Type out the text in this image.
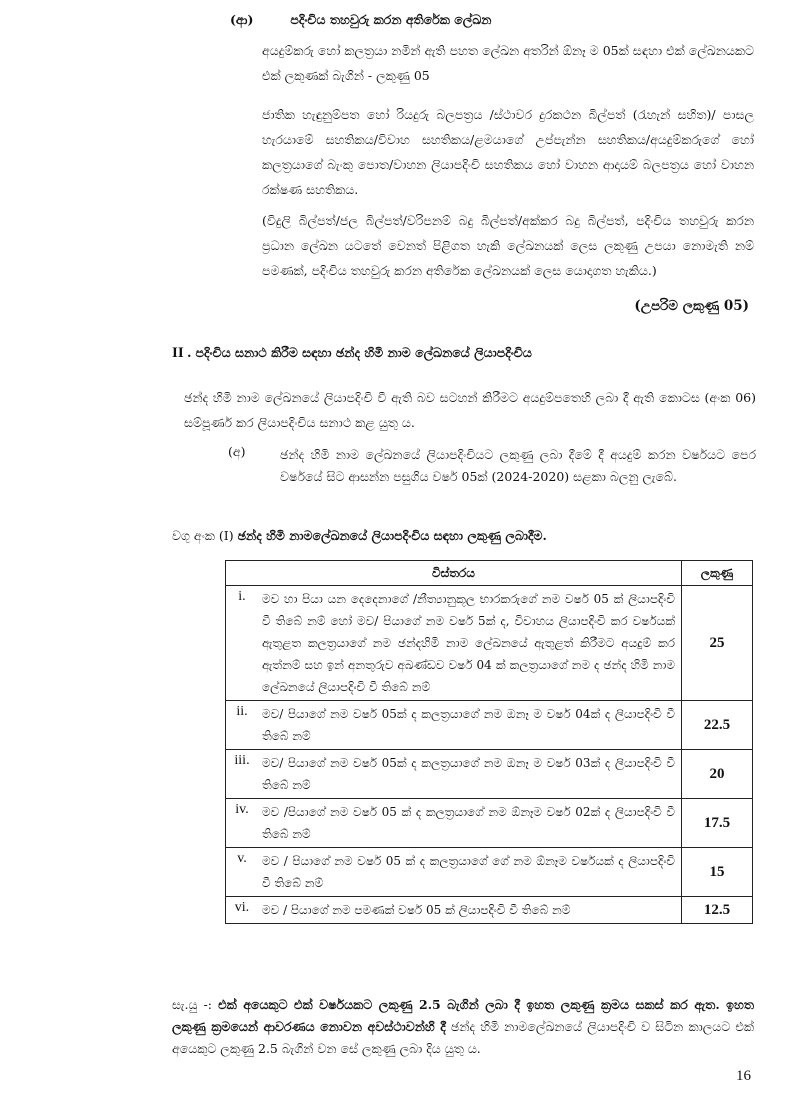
(ආ)	පදිංචිය තහවුරු කරන අතිරේක ලේඛන
අයදුම්කරු හෝ කලත්‍රයා නමින් ඇති පහත ලේඛන අතරින් ඕනෑ ම 05ක් සඳහා එක් ලේඛනයකට එක් ලකුණක් බැගින් - ලකුණු 05
ජාතික හැඳුනුම්පත හෝ රියදුරු බලපත්‍රය /ස්ථාවර දුරකථන බිල්පත් (රැහැන් සහිත)/ පාසල හැරයාමේ සහතිකය/විවාහ සහතිකය/ළමයාගේ උප්පැන්න සහතිකය/අයදුම්කරුගේ හෝ කලත්‍රයාගේ බැංකු පොත/වාහන ලියාපදිංචි සහතිකය හෝ වාහන ආදායම් බලපත්‍රය හෝ වාහන රක්ෂණ සහතිකය.
(විදුලි බිල්පත්/ජල බිල්පත්/වරිපනම් බදු බිල්පත්/අක්කර බදු බිල්පත්, පදිංචිය තහවුරු කරන ප්‍රධාන ලේඛන යටතේ වෙනත් පිළිගත හැකි ලේඛනයක් ලෙස ලකුණු උපයා නොමැති නම් පමණක්, පදිංචිය තහවුරු කරන අතිරේක ලේඛනයක් ලෙස යොදාගත හැකිය.)
(උපරිම ලකුණු 05)
II . පදිංචිය සනාථ කිරීම සඳහා ඡන්ද හිමි නාම ලේඛනයේ ලියාපදිංචිය
ඡන්ද හිමි නාම ලේඛනයේ ලියාපදිංචි වී ඇති බව සටහන් කිරීමට අයදුම්පතෙහි ලබා දී ඇති කොටස (අංක 06) සම්පූර්ණ කර ලියාපදිංචිය සනාථ කළ යුතු ය.
(අ)	ඡන්ද හිමි නාම ලේඛනයේ ලියාපදිංචියට ලකුණු ලබා දීමේ දී අයදුම් කරන වර්ෂයට පෙර වර්ෂයේ සිට ආසන්න පසුගිය වර්ෂ 05ක් (2024-2020) සළකා බලනු ලැබේ.
වගු අංක (I) ඡන්ද හිමි නාමලේඛනයේ ලියාපදිංචිය සඳහා ලකුණු ලබාදීම.
විස්තරය		ලකුණු
i.	මව හා පියා යන දෙදෙනාගේ /නීත්‍යානුකූල භාරකරුගේ නම වර්ෂ 05 ක් ලියාපදිංචි වී තිබේ නම් හෝ මව/ පියාගේ නම වර්ෂ 5ක් ද, විවාහය ලියාපදිංචි කර වර්ෂයක් ඇතුළත කලත්‍රයාගේ නම ඡන්දහිමි නාම ලේඛනයේ ඇතුළත් කිරීමට අයදුම් කර ඇත්නම් සහ ඉන් අනතුරුව අඛණ්ඩව වර්ෂ 04 ක් කලත්‍රයාගේ නම ද ඡන්ද හිමි නාම ලේඛනයේ ලියාපදිංචි වී තිබේ නම්	25
ii.	මව/ පියාගේ නම වර්ෂ 05ක් ද කලත්‍රයාගේ නම ඔනෑ ම වර්ෂ 04ක් ද ලියාපදිංචි වී තිබේ නම්	22.5
iii.	මව/ පියාගේ නම වර්ෂ 05ක් ද කලත්‍රයාගේ නම ඔනෑ ම වර්ෂ 03ක් ද ලියාපදිංචි වී තිබේ නම්	20
iv.	මව /පියාගේ නම වර්ෂ 05 ක් ද කලත්‍රයාගේ නම ඕනෑම වර්ෂ 02ක් ද ලියාපදිංචි වී තිබේ නම්	17.5
v.	මව / පියාගේ නම වර්ෂ 05 ක් ද කලත්‍රයාගේ ගේ නම ඕනෑම වර්ෂයක් ද ලියාපදිංචි වී තිබේ නම්	15
vi.	මව / පියාගේ නම පමණක් වර්ෂ 05 ක් ලියාපදිංචි වී තිබේ නම්	12.5
සැ.යු -: එක් අයෙකුට එක් වර්ෂයකට ලකුණු 2.5 බැගින් ලබා දී ඉහත ලකුණු ක්‍රමය සකස් කර ඇත. ඉහත ලකුණු ක්‍රමයෙන් ආවරණය නොවන අවස්ථාවන්හි දී ඡන්ද හිමි නාමලේඛනයේ ලියාපදිංචි ව සිටින කාලයට එක් අයෙකුට ලකුණු 2.5 බැගින් වන සේ ලකුණු ලබා දිය යුතු ය.
16
